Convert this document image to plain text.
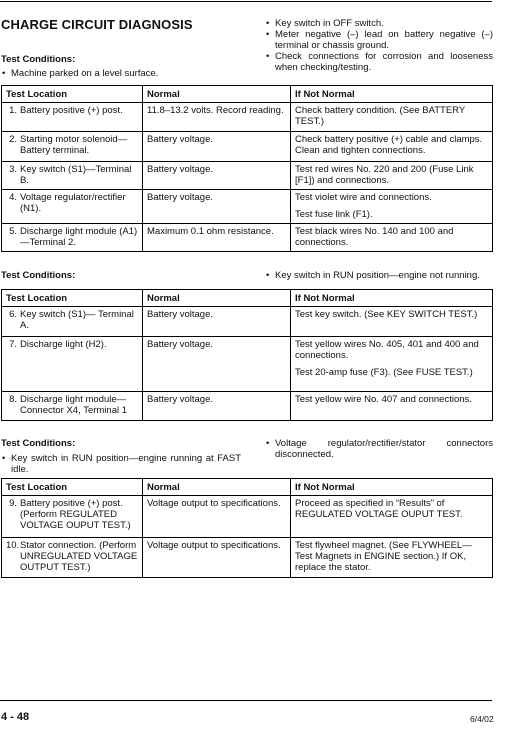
CHARGE CIRCUIT DIAGNOSIS	• Key switch in OFF switch.
• Meter negative (–) lead on battery negative (–) terminal or chassis ground.
• Check connections for corrosion and looseness when checking/testing.
Test Conditions:
• Machine parked on a level surface.
Test Location	Normal	If Not Normal

1. Battery positive (+) post.	11.8–13.2 volts. Record reading.	Check battery condition. (See BATTERY TEST.)

2. Starting motor solenoid— Battery terminal.	Battery voltage.	Check battery positive (+) cable and clamps. Clean and tighten connections.

3. Key switch (S1)—Terminal B.	Battery voltage.	Test red wires No. 220 and 200 (Fuse Link [F1]) and connections.

4. Voltage regulator/rectifier (N1).	Battery voltage.	Test violet wire and connections.
Test fuse link (F1).

5. Discharge light module (A1) —Terminal 2.	Maximum 0.1 ohm resistance.	Test black wires No. 140 and 100 and connections.
Test Conditions:	• Key switch in RUN position—engine not running.
Test Location	Normal	If Not Normal

6. Key switch (S1)— Terminal A.	Battery voltage.	Test key switch. (See KEY SWITCH TEST.)

7. Discharge light (H2).	Battery voltage.	Test yellow wires No. 405, 401 and 400 and connections.
Test 20-amp fuse (F3). (See FUSE TEST.)

8. Discharge light module— Connector X4, Terminal 1	Battery voltage.	Test yellow wire No. 407 and connections.
Test Conditions:
• Key switch in RUN position—engine running at FAST idle.
• Voltage regulator/rectifier/stator connectors disconnected.
Test Location	Normal	If Not Normal

9. Battery positive (+) post. (Perform REGULATED VOLTAGE OUPUT TEST.)	Voltage output to specifications.	Proceed as specified in “Results” of REGULATED VOLTAGE OUPUT TEST.

10. Stator connection. (Perform UNREGULATED VOLTAGE OUTPUT TEST.)	Voltage output to specifications.	Test flywheel magnet. (See FLYWHEEL—Test Magnets in ENGINE section.) If OK, replace the stator.
4 - 48	6/4/02
